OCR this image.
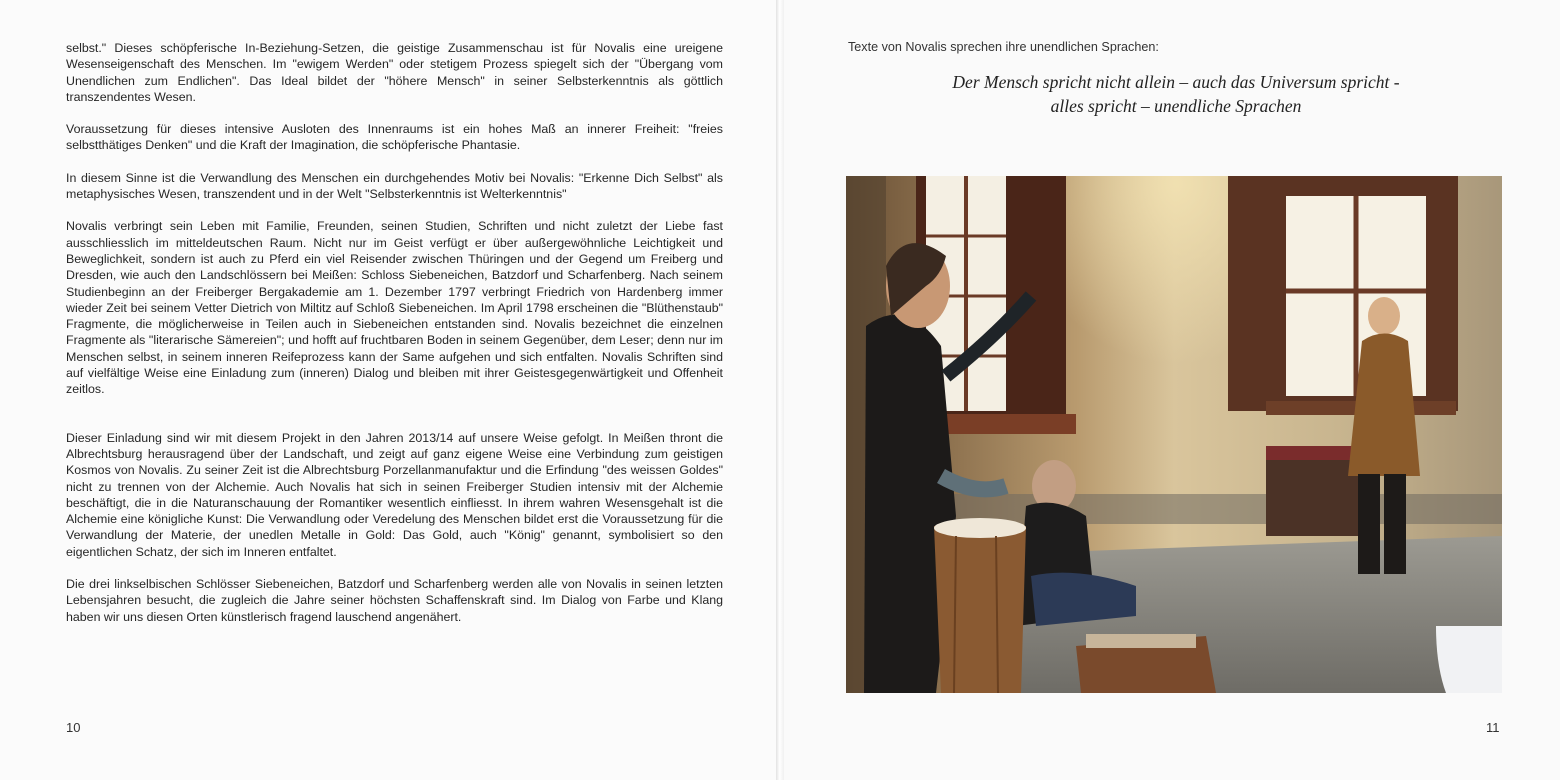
selbst." Dieses schöpferische In-Beziehung-Setzen, die geistige Zusammenschau ist für Novalis eine ureigene Wesenseigenschaft des Menschen. Im "ewigem Werden" oder stetigem Prozess spiegelt sich der "Übergang vom Unendlichen zum Endlichen". Das Ideal bildet der "höhere Mensch" in seiner Selbsterkenntnis als göttlich transzendentes Wesen.

Voraussetzung für dieses intensive Ausloten des Innenraums ist ein hohes Maß an innerer Freiheit: "freies selbstthätiges Denken" und die Kraft der Imagination, die schöpferische Phantasie.

In diesem Sinne ist die Verwandlung des Menschen ein durchgehendes Motiv bei Novalis: "Erkenne Dich Selbst" als metaphysisches Wesen, transzendent und in der Welt "Selbsterkenntnis ist Welterkenntnis"

Novalis verbringt sein Leben mit Familie, Freunden, seinen Studien, Schriften und nicht zuletzt der Liebe fast ausschliesslich im mitteldeutschen Raum. Nicht nur im Geist verfügt er über außergewöhnliche Leichtigkeit und Beweglichkeit, sondern ist auch zu Pferd ein viel Reisender zwischen Thüringen und der Gegend um Freiberg und Dresden, wie auch den Landschlössern bei Meißen: Schloss Siebeneichen, Batzdorf und Scharfenberg. Nach seinem Studienbeginn an der Freiberger Bergakademie am 1. Dezember 1797 verbringt Friedrich von Hardenberg immer wieder Zeit bei seinem Vetter Dietrich von Miltitz auf Schloß Siebeneichen. Im April 1798 erscheinen die "Blüthenstaub" Fragmente, die möglicherweise in Teilen auch in Siebeneichen entstanden sind. Novalis bezeichnet die einzelnen Fragmente als "literarische Sämereien"; und hofft auf fruchtbaren Boden in seinem Gegenüber, dem Leser; denn nur im Menschen selbst, in seinem inneren Reifeprozess kann der Same aufgehen und sich entfalten. Novalis Schriften sind auf vielfältige Weise eine Einladung zum (inneren) Dialog und bleiben mit ihrer Geistesgegenwärtigkeit und Offenheit zeitlos.

Dieser Einladung sind wir mit diesem Projekt in den Jahren 2013/14 auf unsere Weise gefolgt. In Meißen thront die Albrechtsburg herausragend über der Landschaft, und zeigt auf ganz eigene Weise eine Verbindung zum geistigen Kosmos von Novalis. Zu seiner Zeit ist die Albrechtsburg Porzellanmanufaktur und die Erfindung "des weissen Goldes" nicht zu trennen von der Alchemie. Auch Novalis hat sich in seinen Freiberger Studien intensiv mit der Alchemie beschäftigt, die in die Naturanschauung der Romantiker wesentlich einfliesst. In ihrem wahren Wesensgehalt ist die Alchemie eine königliche Kunst: Die Verwandlung oder Veredelung des Menschen bildet erst die Voraussetzung für die Verwandlung der Materie, der unedlen Metalle in Gold: Das Gold, auch "König" genannt, symbolisiert so den eigentlichen Schatz, der sich im Inneren entfaltet.

Die drei linkselbischen Schlösser Siebeneichen, Batzdorf und Scharfenberg werden alle von Novalis in seinen letzten Lebensjahren besucht, die zugleich die Jahre seiner höchsten Schaffenskraft sind. Im Dialog von Farbe und Klang haben wir uns diesen Orten künstlerisch fragend lauschend angenähert.

10
Texte von Novalis sprechen ihre unendlichen Sprachen:
Der Mensch spricht nicht allein – auch das Universum spricht -
alles spricht – unendliche Sprachen
11
